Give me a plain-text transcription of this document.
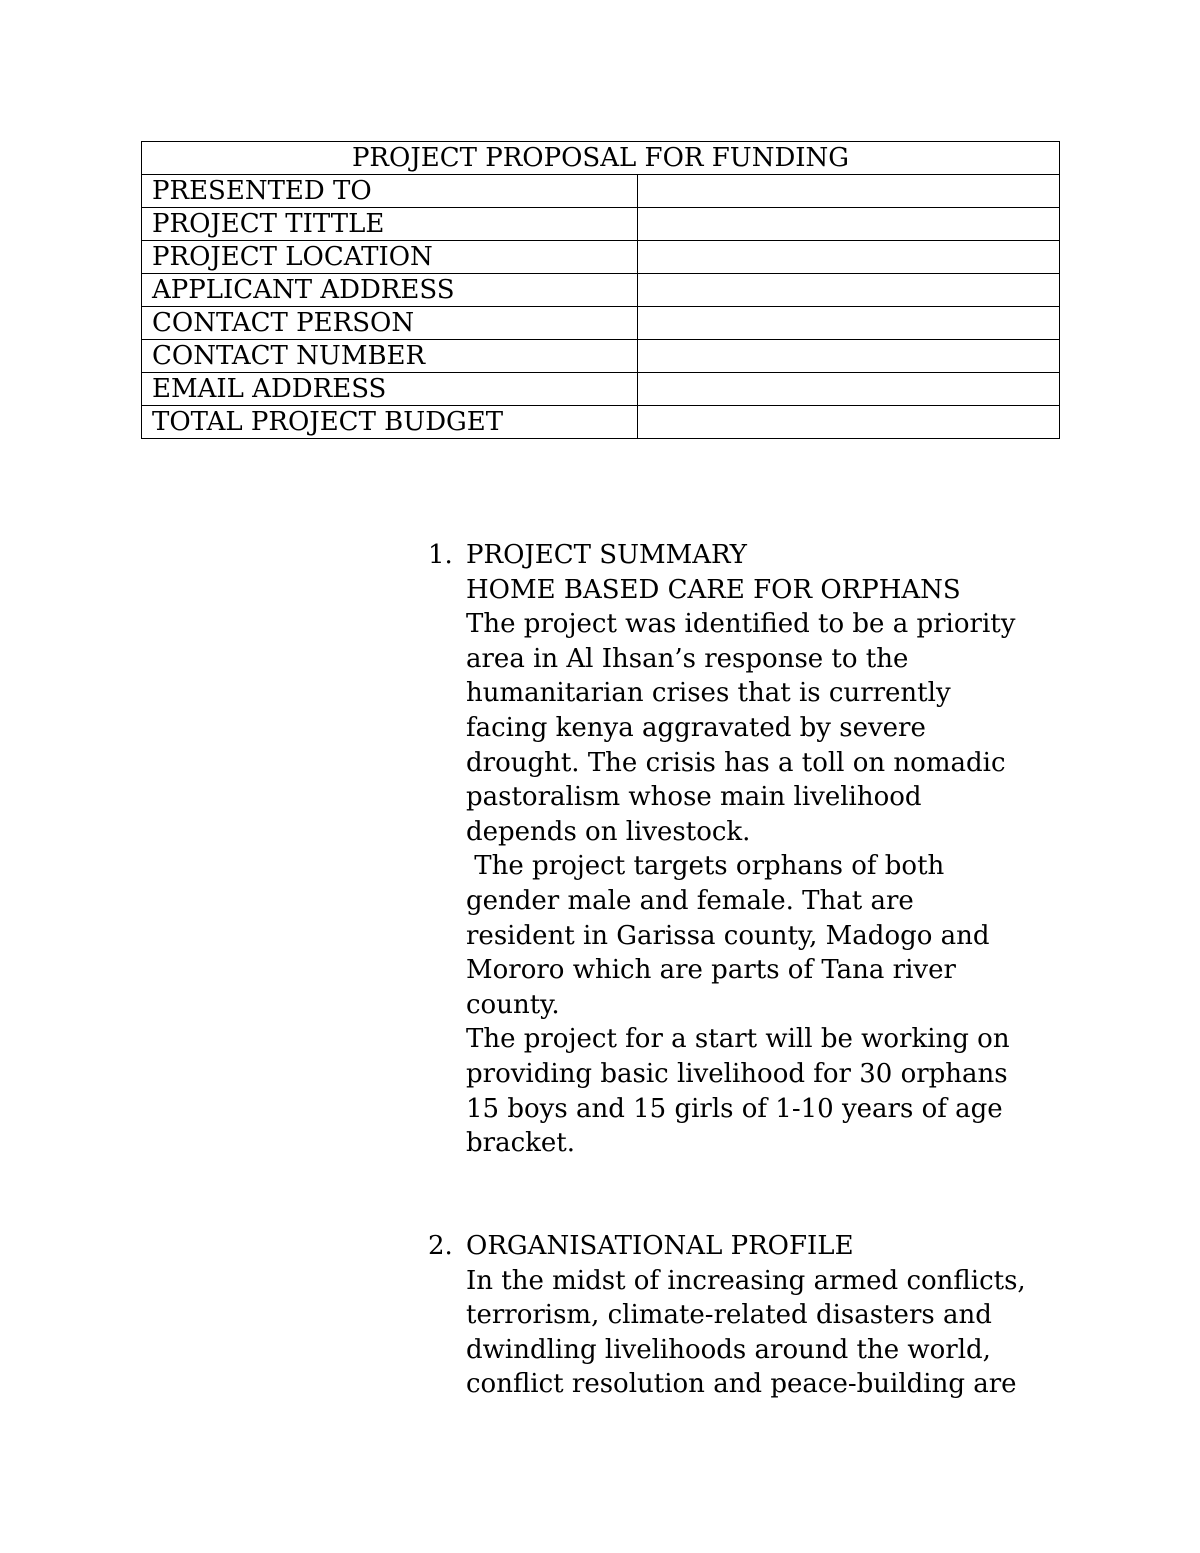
PROJECT PROPOSAL FOR FUNDING	
PRESENTED TO	
PROJECT TITTLE	
PROJECT LOCATION	
APPLICANT ADDRESS	
CONTACT PERSON	
CONTACT NUMBER	
EMAIL ADDRESS	
TOTAL PROJECT BUDGET	
1. PROJECT SUMMARY
HOME BASED CARE FOR ORPHANS
The project was identified to be a priority
area in Al Ihsan’s response to the
humanitarian crises that is currently
facing kenya aggravated by severe
drought. The crisis has a toll on nomadic
pastoralism whose main livelihood
depends on livestock.
The project targets orphans of both
gender male and female. That are
resident in Garissa county, Madogo and
Mororo which are parts of Tana river
county.
The project for a start will be working on
providing basic livelihood for 30 orphans
15 boys and 15 girls of 1-10 years of age
bracket.
2. ORGANISATIONAL PROFILE
In the midst of increasing armed conflicts,
terrorism, climate-related disasters and
dwindling livelihoods around the world,
conflict resolution and peace-building are
